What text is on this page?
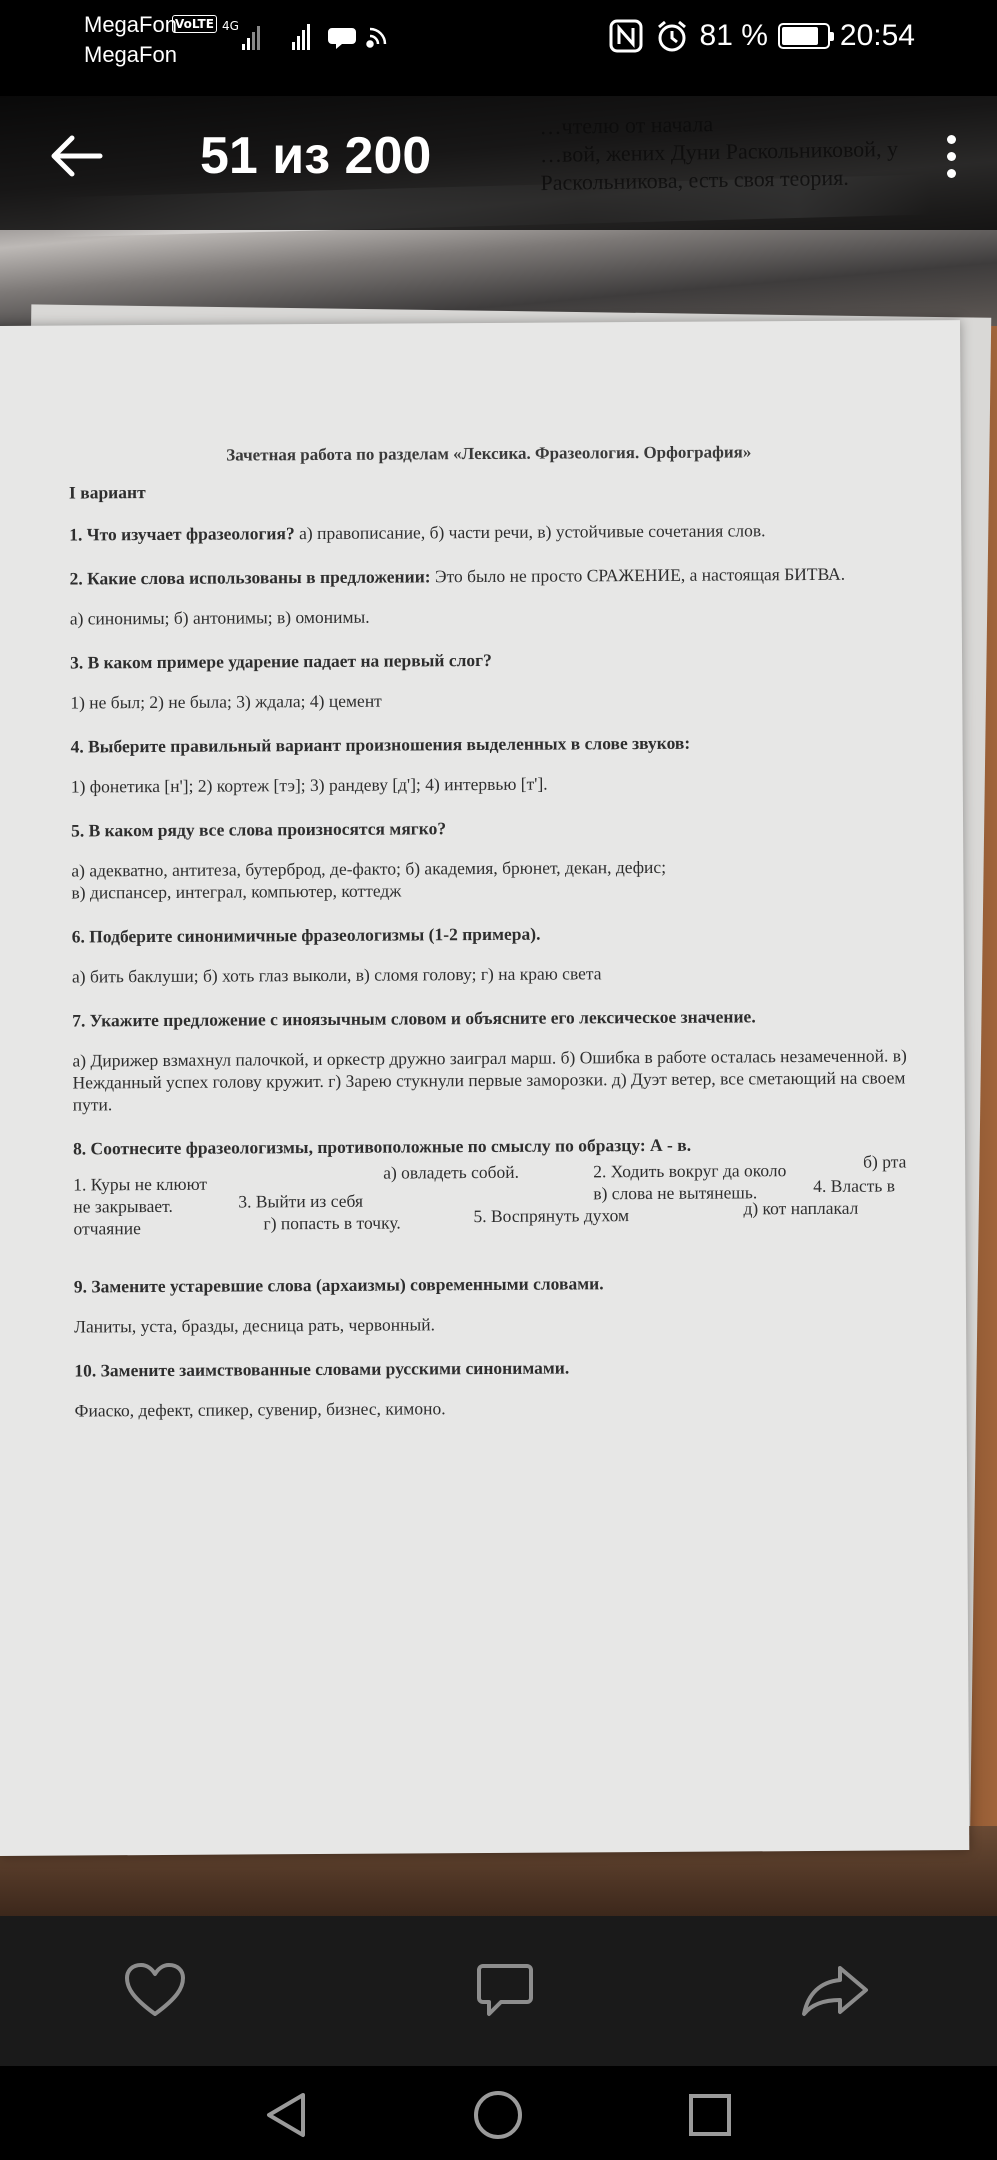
MegaFon
MegaFon
VoLTE 4G	81 % 20:54
Зачетная работа по разделам «Лексика. Фразеология. Орфография»
I вариант
1. Что изучает фразеология? а) правописание, б) части речи, в) устойчивые сочетания слов.
2. Какие слова использованы в предложении: Это было не просто СРАЖЕНИЕ, а настоящая БИТВА.
а) синонимы; б) антонимы; в) омонимы.
3. В каком примере ударение падает на первый слог?
1) не был; 2) не была; 3) ждала; 4) цемент
4. Выберите правильный вариант произношения выделенных в слове звуков:
1) фонетика [н']; 2) кортеж [тэ]; 3) рандеву [д']; 4) интервью [т'].
5. В каком ряду все слова произносятся мягко?
а) адекватно, антитеза, бутерброд, де-факто; б) академия, брюнет, декан, дефис;
в) диспансер, интеграл, компьютер, коттедж
6. Подберите синонимичные фразеологизмы (1-2 примера).
а) бить баклуши; б) хоть глаз выколи, в) сломя голову; г) на краю света
7. Укажите предложение с иноязычным словом и объясните его лексическое значение.
а) Дирижер взмахнул палочкой, и оркестр дружно заиграл марш. б) Ошибка в работе осталась незамеченной. в) Нежданный успех голову кружит. г) Зарею стукнули первые заморозки. д) Дуэт ветер, все сметающий на своем пути.
8. Соотнесите фразеологизмы, противоположные по смыслу по образцу: А - в.
1. Куры не клюют
а) овладеть собой.	2. Ходить вокруг да около	б) рта
не закрывает.	3. Выйти из себя	в) слова не вытянешь.	4. Власть в
отчаяние	г) попасть в точку.	5. Воспрянуть духом	д) кот наплакал
9. Замените устаревшие слова (архаизмы) современными словами.
Ланиты, уста, бразды, десница рать, червонный.
10. Замените заимствованные словами русскими синонимами.
Фиаско, дефект, спикер, сувенир, бизнес, кимоно.
51 из 200
